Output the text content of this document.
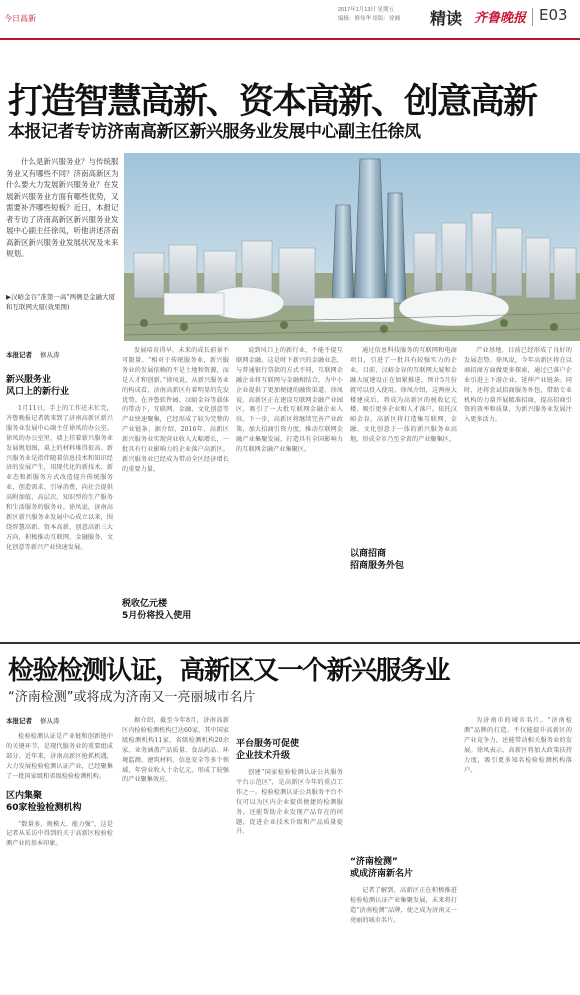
今日高新
2017年1月13日 星期五
编辑：修伟华 组版：徐湘	精读 齐鲁晚报 E03
打造智慧高新、资本高新、创意高新
本报记者专访济南高新区新兴服务业发展中心副主任徐凤
什么是新兴服务业？与传统服务业又有哪些不同？济南高新区为什么要大力发展新兴服务业？在发展新兴服务业方面有哪些优势，又需要补齐哪些短板？近日，本报记者专访了济南高新区新兴服务业发展中心副主任徐凤，听他讲述济南高新区新兴服务业发展状况及未来规划。
▶汉峪金谷“准第一高”两侧是金融大厦和互联网大厦(效果图)
本报记者 修从涛
新兴服务业
风口上的新行业

1月11日，手上的工作还未忙完，齐鲁晚报记者就来到了济南高新区新兴服务业发展中心副主任徐凤的办公室。徐凤的办公室里，墙上挂着新兴服务业发展规划图，桌上的材料堆得很高。新兴服务业是指伴随着信息技术和知识经济的发展产生，用现代化的新技术、新业态和新服务方式改造提升传统服务业，创造需求、引导消费，向社会提供高附加值、高层次、知识型的生产服务和生活服务的服务业。徐凤说，济南高新区新兴服务业发展中心成立以来，围绕智慧高新、资本高新、创意高新三大方向，积极推动互联网、金融服务、文化创意等新兴产业快速发展。

发展培育得早，未来的成长前景不可限量。“相对于传统服务业，新兴服务业的发展依赖的不是土地和资源，而是人才和创新。”徐凤说，从新兴服务业的构成看，济南高新区有着明显的先发优势。在齐鲁软件园、汉峪金谷等载体的带动下，互联网、金融、文化创意等产业快速聚集，已经形成了较为完整的产业链条。据介绍，2016年，高新区新兴服务业实现营业收入大幅增长，一批具有行业影响力的企业落户高新区。新兴服务业已经成为带动全区经济增长的重要力量。

税收亿元楼
5月份将投入使用

说到风口上的新行业，不能不提互联网金融。这是时下新兴的金融业态，与普通银行贷款的方式不同，互联网金融企业将互联网与金融相结合，为中小企业提供了更加便捷的融资渠道。徐凤说，高新区正在建设互联网金融产业园区，吸引了一大批互联网金融企业入驻。下一步，高新区将继续完善产业政策，加大招商引资力度，推动互联网金融产业集聚发展，打造具有全国影响力的互联网金融产业集聚区。

通过信息科技服务的互联网和电商项目，引进了一批具有较强实力的企业。目前，汉峪金谷的互联网大厦和金融大厦建设正在加紧推进，预计5月份就可以投入使用。徐凤介绍，这两座大楼建成后，将成为高新区的税收亿元楼，吸引更多企业和人才落户。依托汉峪金谷，高新区将打造集互联网、金融、文化创意于一体的新兴服务业高地，形成全市乃至全省的产业聚集区。

以商招商
招商服务外包

产业基地，目前已经形成了良好的发展态势。徐凤说，今年高新区将在以商招商方面做更多探索，通过已落户企业引进上下游企业，延伸产业链条。同时，还将尝试招商服务外包，借助专业机构的力量开展精准招商，提高招商引资的效率和质量，为新兴服务业发展注入更多活力。

检验检测认证，高新区又一个新兴服务业
“济南检测”或将成为济南又一亮丽城市名片
本报记者 修从涛

检验检测认证是产业链和创新链中的关键环节，是现代服务业的重要组成部分。近年来，济南高新区抢抓机遇，大力发展检验检测认证产业，已经聚集了一批国家级和省级检验检测机构。

区内集聚
60家检验检测机构

“数量多、规模大、能力强”，这是记者从采访中得到的关于高新区检验检测产业的基本印象。

据介绍，截至今年8月，济南高新区内检验检测机构已达60家，其中国家级检测机构11家，省级检测机构20余家，业务涵盖产品质量、食品药品、环境监测、建筑材料、信息安全等多个领域，年营业收入十余亿元，形成了较强的产业聚集效应。

平台服务可促使
企业技术升级

创建“国家检验检测认证公共服务平台示范区”，是高新区今年的重点工作之一。检验检测认证公共服务平台不仅可以为区内企业提供便捷的检测服务，还能帮助企业发现产品存在的问题，促进企业技术升级和产品质量提升。

“济南检测”
或成济南新名片

记者了解到，高新区正在积极推进检验检测认证产业集聚发展，未来将打造“济南检测”品牌，使之成为济南又一亮丽的城市名片。

为济南市的城市名片。“济南检测”品牌的打造，不仅能提升高新区的产业竞争力，还能带动相关服务业的发展。徐凤表示，高新区将加大政策扶持力度，吸引更多知名检验检测机构落户。
